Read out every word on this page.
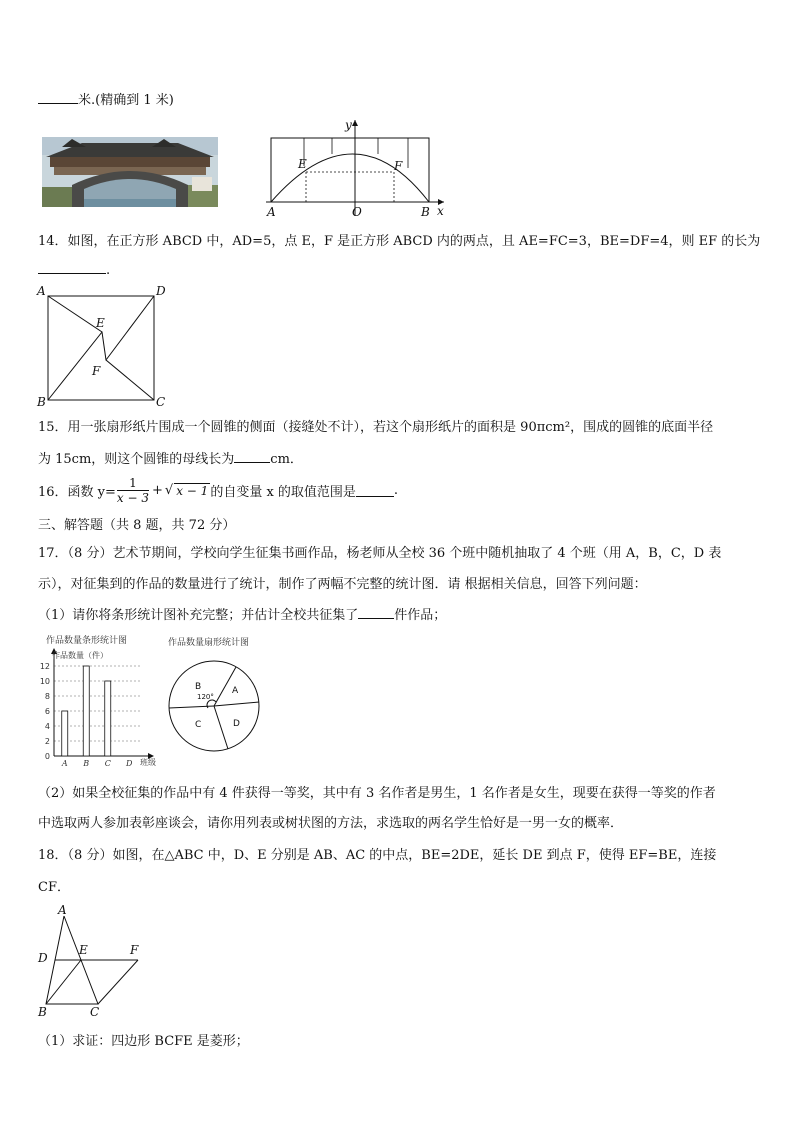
米.(精确到 1 米)
y
x
E	F
A	O	B
14．如图，在正方形 ABCD 中，AD=5，点 E，F 是正方形 ABCD 内的两点，且 AE=FC=3，BE=DF=4，则 EF 的长为
.
A	D
E
F
B	C
15．用一张扇形纸片围成一个圆锥的侧面（接缝处不计），若这个扇形纸片的面积是 90πcm²，围成的圆锥的底面半径
为 15cm，则这个圆锥的母线长为	cm．
16．函数 $y= \frac{1}{x - 3}$ + √ x − 1 的自变量 x 的取值范围是	.
三、解答题（共 8 题，共 72 分）
17．（8 分）艺术节期间，学校向学生征集书画作品，杨老师从全校 36 个班中随机抽取了 4 个班（用 A，B，C，D 表
示），对征集到的作品的数量进行了统计，制作了两幅不完整的统计图．请 根据相关信息，回答下列问题：
（1）请你将条形统计图补充完整；并估计全校共征集了	件作品；
作品数量条形统计图
0
2
4
6
8
10
12
A B C D
作品数量（件）
班级
作品数量扇形统计图
B
120°
A
C	D
（2）如果全校征集的作品中有 4 件获得一等奖，其中有 3 名作者是男生，1 名作者是女生，现要在获得一等奖的作者
中选取两人参加表彰座谈会，请你用列表或树状图的方法，求选取的两名学生恰好是一男一女的概率．
18．（8 分）如图，在△ABC 中，D、E 分别是 AB、AC 的中点，BE=2DE，延长 DE 到点 F，使得 EF=BE，连接
CF．
A
D
E	F
B	C
（1）求证：四边形 BCFE 是菱形；
